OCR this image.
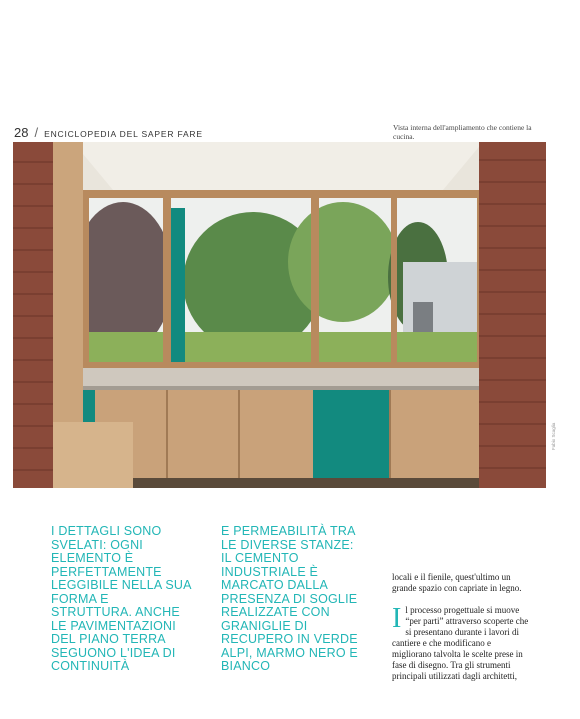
28 / ENCICLOPEDIA DEL SAPER FARE
Vista interna dell'ampliamento che contiene la cucina.
Fabio Scaglia
I DETTAGLI SONO SVELATI: OGNI ELEMENTO È PERFETTAMENTE LEGGIBILE NELLA SUA FORMA E STRUTTURA. ANCHE LE PAVIMENTAZIONI DEL PIANO TERRA SEGUONO L'IDEA DI CONTINUITÀ
E PERMEABILITÀ TRA LE DIVERSE STANZE: IL CEMENTO INDUSTRIALE È MARCATO DALLA PRESENZA DI SOGLIE REALIZZATE CON GRANIGLIE DI RECUPERO IN VERDE ALPI, MARMO NERO E BIANCO
locali e il fienile, quest'ultimo un grande spazio con capriate in legno.
Il processo progettuale si muove “per parti” attraverso scoperte che si presentano durante i lavori di cantiere e che modificano e migliorano talvolta le scelte prese in fase di disegno. Tra gli strumenti principali utilizzati dagli architetti,
